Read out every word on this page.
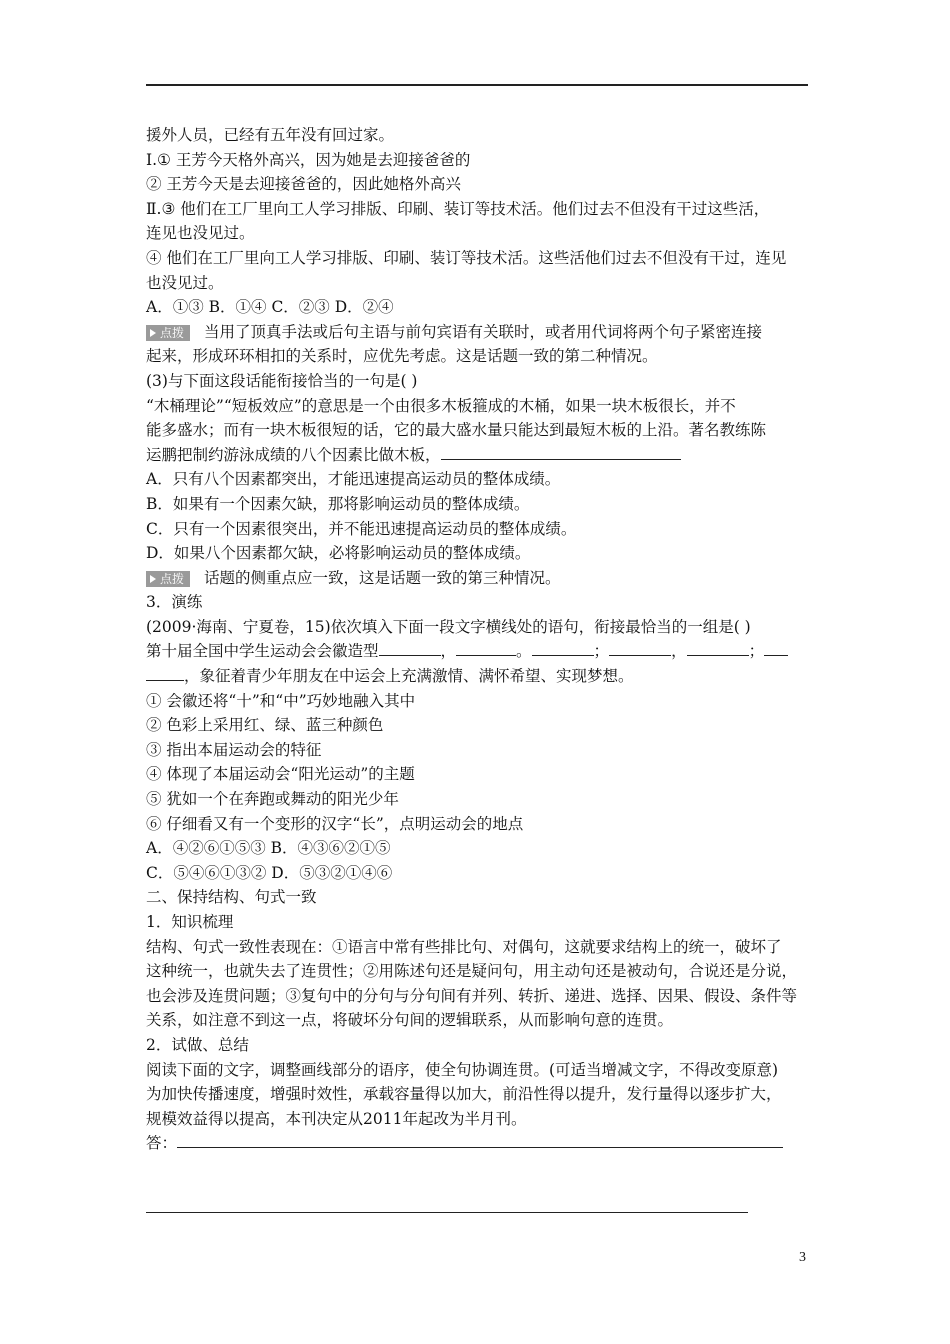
援外人员，已经有五年没有回过家。
Ⅰ.① 王芳今天格外高兴，因为她是去迎接爸爸的
② 王芳今天是去迎接爸爸的，因此她格外高兴
Ⅱ.③ 他们在工厂里向工人学习排版、印刷、装订等技术活。他们过去不但没有干过这些活，
连见也没见过。
④ 他们在工厂里向工人学习排版、印刷、装订等技术活。这些活他们过去不但没有干过，连见
也没见过。
A．①③ B．①④ C．②③ D．②④
点拨 当用了顶真手法或后句主语与前句宾语有关联时，或者用代词将两个句子紧密连接
起来，形成环环相扣的关系时，应优先考虑。这是话题一致的第二种情况。
(3)与下面这段话能衔接恰当的一句是( )
“木桶理论”“短板效应”的意思是一个由很多木板箍成的木桶，如果一块木板很长，并不
能多盛水；而有一块木板很短的话，它的最大盛水量只能达到最短木板的上沿。著名教练陈
运鹏把制约游泳成绩的八个因素比做木板，
A．只有八个因素都突出，才能迅速提高运动员的整体成绩。
B．如果有一个因素欠缺，那将影响运动员的整体成绩。
C．只有一个因素很突出，并不能迅速提高运动员的整体成绩。
D．如果八个因素都欠缺，必将影响运动员的整体成绩。
点拨 话题的侧重点应一致，这是话题一致的第三种情况。
3．演练
(2009·海南、宁夏卷，15)依次填入下面一段文字横线处的语句，衔接最恰当的一组是( )
第十届全国中学生运动会会徽造型	，	。	；	，	；
，象征着青少年朋友在中运会上充满激情、满怀希望、实现梦想。
① 会徽还将“十”和“中”巧妙地融入其中
② 色彩上采用红、绿、蓝三种颜色
③ 指出本届运动会的特征
④ 体现了本届运动会“阳光运动”的主题
⑤ 犹如一个在奔跑或舞动的阳光少年
⑥ 仔细看又有一个变形的汉字“长”，点明运动会的地点
A．④②⑥①⑤③ B．④③⑥②①⑤
C．⑤④⑥①③② D．⑤③②①④⑥
二、保持结构、句式一致
1．知识梳理
结构、句式一致性表现在：①语言中常有些排比句、对偶句，这就要求结构上的统一，破坏了
这种统一，也就失去了连贯性；②用陈述句还是疑问句，用主动句还是被动句，合说还是分说，
也会涉及连贯问题；③复句中的分句与分句间有并列、转折、递进、选择、因果、假设、条件等
关系，如注意不到这一点，将破坏分句间的逻辑联系，从而影响句意的连贯。
2．试做、总结
阅读下面的文字，调整画线部分的语序，使全句协调连贯。(可适当增减文字，不得改变原意)
为加快传播速度，增强时效性，承载容量得以加大，前沿性得以提升，发行量得以逐步扩大，
规模效益得以提高，本刊决定从2011年起改为半月刊。
答：
3
